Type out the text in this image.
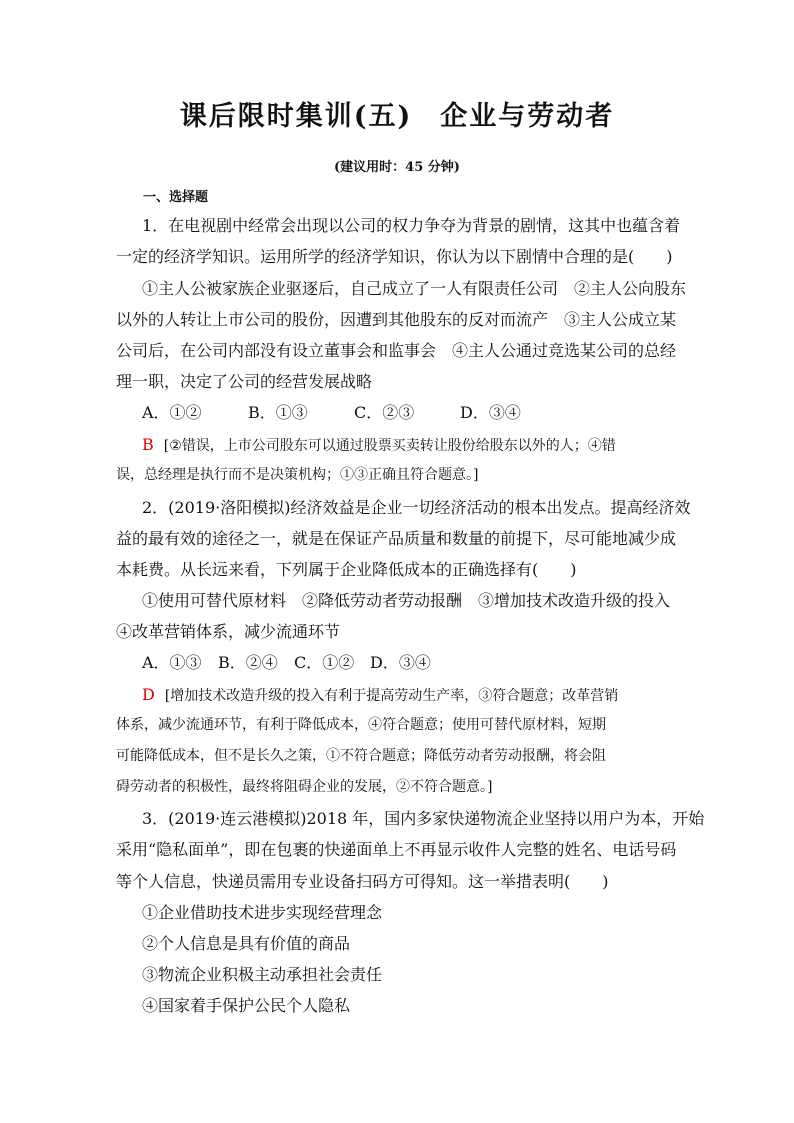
课后限时集训(五) 企业与劳动者
(建议用时：45 分钟)
一、选择题
1．在电视剧中经常会出现以公司的权力争夺为背景的剧情，这其中也蕴含着
一定的经济学知识。运用所学的经济学知识，你认为以下剧情中合理的是(　　)
①主人公被家族企业驱逐后，自己成立了一人有限责任公司　②主人公向股东
以外的人转让上市公司的股份，因遭到其他股东的反对而流产　③主人公成立某
公司后，在公司内部没有设立董事会和监事会　④主人公通过竞选某公司的总经
理一职，决定了公司的经营发展战略
A．①②	B．①③	C．②③	D．③④
B [②错误，上市公司股东可以通过股票买卖转让股份给股东以外的人；④错
误，总经理是执行而不是决策机构；①③正确且符合题意。]
2．(2019·洛阳模拟)经济效益是企业一切经济活动的根本出发点。提高经济效
益的最有效的途径之一，就是在保证产品质量和数量的前提下，尽可能地减少成
本耗费。从长远来看，下列属于企业降低成本的正确选择有(　　)
①使用可替代原材料　②降低劳动者劳动报酬　③增加技术改造升级的投入
④改革营销体系，减少流通环节
A．①③ B．②④ C．①② D．③④
D [增加技术改造升级的投入有利于提高劳动生产率，③符合题意；改革营销
体系，减少流通环节，有利于降低成本，④符合题意；使用可替代原材料，短期
可能降低成本，但不是长久之策，①不符合题意；降低劳动者劳动报酬，将会阻
碍劳动者的积极性，最终将阻碍企业的发展，②不符合题意。]
3．(2019·连云港模拟)2018 年，国内多家快递物流企业坚持以用户为本，开始
采用“隐私面单”，即在包裹的快递面单上不再显示收件人完整的姓名、电话号码
等个人信息，快递员需用专业设备扫码方可得知。这一举措表明(　　)
①企业借助技术进步实现经营理念
②个人信息是具有价值的商品
③物流企业积极主动承担社会责任
④国家着手保护公民个人隐私
